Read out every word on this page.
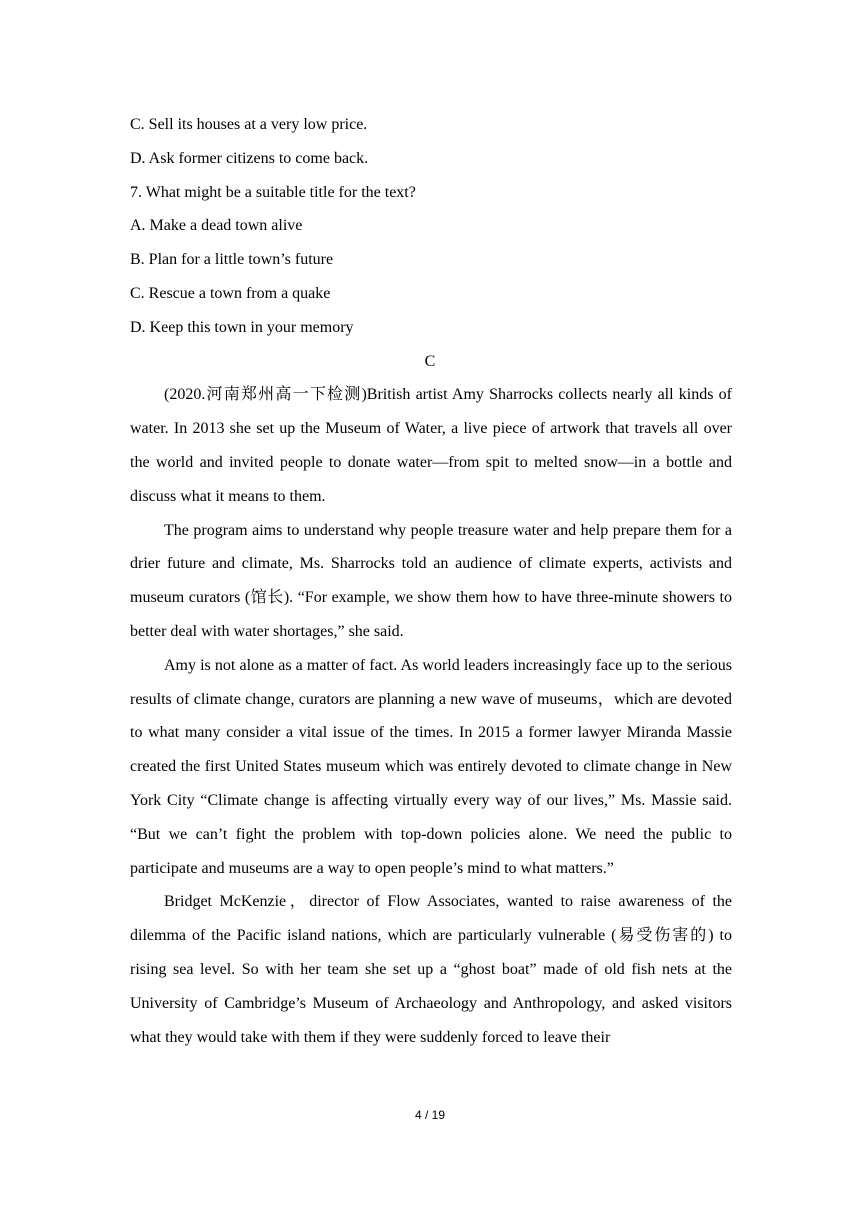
C. Sell its houses at a very low price.

D. Ask former citizens to come back.

7. What might be a suitable title for the text?

A. Make a dead town alive

B. Plan for a little town’s future

C. Rescue a town from a quake

D. Keep this town in your memory

C

(2020.河南郑州高一下检测)British artist Amy Sharrocks collects nearly all kinds of water. In 2013 she set up the Museum of Water, a live piece of artwork that travels all over the world and invited people to donate water—from spit to melted snow—in a bottle and discuss what it means to them.

The program aims to understand why people treasure water and help prepare them for a drier future and climate, Ms. Sharrocks told an audience of climate experts, activists and museum curators (馆长). “For example, we show them how to have three-minute showers to better deal with water shortages,” she said.

Amy is not alone as a matter of fact. As world leaders increasingly face up to the serious results of climate change, curators are planning a new wave of museums，which are devoted to what many consider a vital issue of the times. In 2015 a former lawyer Miranda Massie created the first United States museum which was entirely devoted to climate change in New York City “Climate change is affecting virtually every way of our lives,” Ms. Massie said. “But we can’t fight the problem with top-down policies alone. We need the public to participate and museums are a way to open people’s mind to what matters.”

Bridget McKenzie，director of Flow Associates, wanted to raise awareness of the dilemma of the Pacific island nations, which are particularly vulnerable (易受伤害的) to rising sea level. So with her team she set up a “ghost boat” made of old fish nets at the University of Cambridge’s Museum of Archaeology and Anthropology, and asked visitors what they would take with them if they were suddenly forced to leave their

4 / 19
